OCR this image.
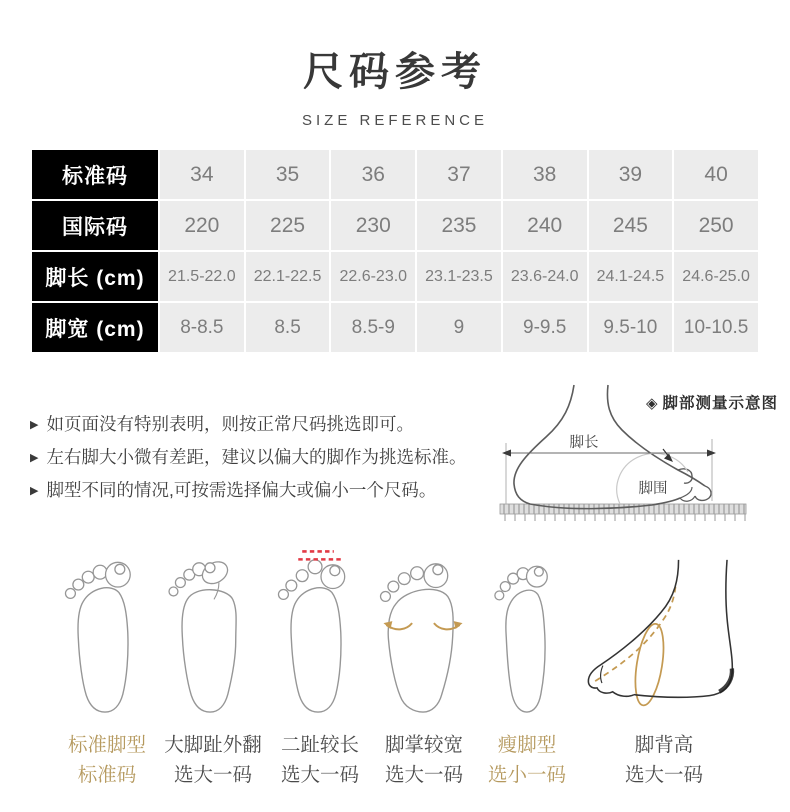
尺码参考
SIZE REFERENCE
标准码	34	35	36	37	38	39	40
国际码	220	225	230	235	240	245	250
脚长 (cm)	21.5-22.0	22.1-22.5	22.6-23.0	23.1-23.5	23.6-24.0	24.1-24.5	24.6-25.0
脚宽 (cm)	8-8.5	8.5	8.5-9	9	9-9.5	9.5-10	10-10.5
▶ 如页面没有特别表明，则按正常尺码挑选即可。
▶ 左右脚大小微有差距，建议以偏大的脚作为挑选标准。
▶ 脚型不同的情况,可按需选择偏大或偏小一个尺码。
脚长
脚围
◈ 脚部测量示意图
标准脚型
标准码
大脚趾外翻
选大一码
二趾较长
选大一码
脚掌较宽
选大一码
瘦脚型
选小一码
脚背高
选大一码
